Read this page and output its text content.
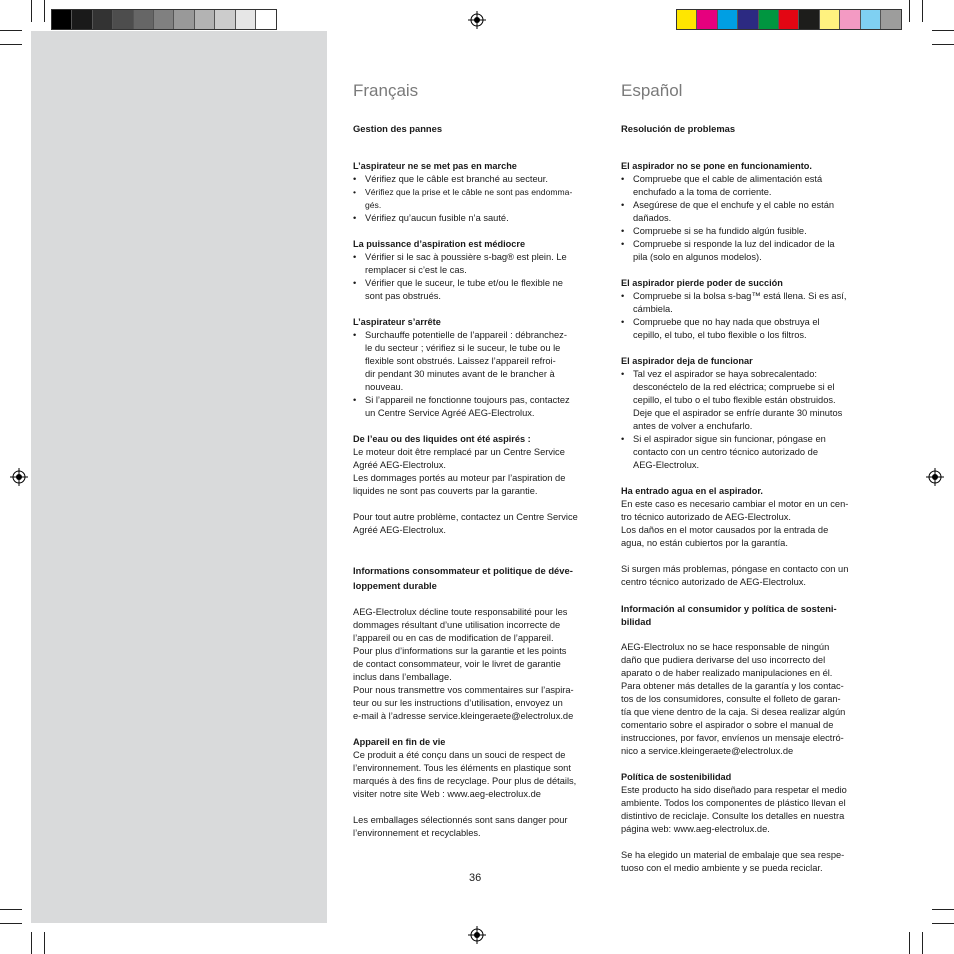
Français

Gestion des pannes

L’aspirateur ne se met pas en marche

• Vérifiez que le câble est branché au secteur.
• Vérifiez que la prise et le câble ne sont pas endomma-
gés.
• Vérifiez qu’aucun fusible n’a sauté.

La puissance d’aspiration est médiocre

• Vérifier si le sac à poussière s-bag® est plein. Le
remplacer si c’est le cas.
• Vérifier que le suceur, le tube et/ou le flexible ne
sont pas obstrués.

L’aspirateur s’arrête

• Surchauffe potentielle de l’appareil : débranchez-
le du secteur ; vérifiez si le suceur, le tube ou le
flexible sont obstrués. Laissez l’appareil refroi-
dir pendant 30 minutes avant de le brancher à
nouveau.
• Si l’appareil ne fonctionne toujours pas, contactez
un Centre Service Agréé AEG-Electrolux.

De l’eau ou des liquides ont été aspirés :

Le moteur doit être remplacé par un Centre Service
Agréé AEG-Electrolux.
Les dommages portés au moteur par l’aspiration de
liquides ne sont pas couverts par la garantie.

Pour tout autre problème, contactez un Centre Service
Agréé AEG-Electrolux.

Informations consommateur et politique de déve-
loppement durable

AEG-Electrolux décline toute responsabilité pour les
dommages résultant d’une utilisation incorrecte de
l’appareil ou en cas de modification de l’appareil.
Pour plus d’informations sur la garantie et les points
de contact consommateur, voir le livret de garantie
inclus dans l’emballage.
Pour nous transmettre vos commentaires sur l’aspira-
teur ou sur les instructions d’utilisation, envoyez un
e-mail à l’adresse service.kleingeraete@electrolux.de

Appareil en fin de vie

Ce produit a été conçu dans un souci de respect de
l’environnement. Tous les éléments en plastique sont
marqués à des fins de recyclage. Pour plus de détails,
visiter notre site Web : www.aeg-electrolux.de

Les emballages sélectionnés sont sans danger pour
l’environnement et recyclables.

Español

Resolución de problemas

El aspirador no se pone en funcionamiento.

• Compruebe que el cable de alimentación está
enchufado a la toma de corriente.
• Asegúrese de que el enchufe y el cable no están
dañados.
• Compruebe si se ha fundido algún fusible.
• Compruebe si responde la luz del indicador de la
pila (solo en algunos modelos).

El aspirador pierde poder de succión

• Compruebe si la bolsa s-bag™ está llena. Si es así,
cámbiela.
• Compruebe que no hay nada que obstruya el
cepillo, el tubo, el tubo flexible o los filtros.

El aspirador deja de funcionar

• Tal vez el aspirador se haya sobrecalentado:
desconéctelo de la red eléctrica; compruebe si el
cepillo, el tubo o el tubo flexible están obstruidos.
Deje que el aspirador se enfríe durante 30 minutos
antes de volver a enchufarlo.
• Si el aspirador sigue sin funcionar, póngase en
contacto con un centro técnico autorizado de
AEG-Electrolux.

Ha entrado agua en el aspirador.

En este caso es necesario cambiar el motor en un cen-
tro técnico autorizado de AEG-Electrolux.
Los daños en el motor causados por la entrada de
agua, no están cubiertos por la garantía.

Si surgen más problemas, póngase en contacto con un
centro técnico autorizado de AEG-Electrolux.

Información al consumidor y política de sosteni-
bilidad

AEG-Electrolux no se hace responsable de ningún
daño que pudiera derivarse del uso incorrecto del
aparato o de haber realizado manipulaciones en él.
Para obtener más detalles de la garantía y los contac-
tos de los consumidores, consulte el folleto de garan-
tía que viene dentro de la caja. Si desea realizar algún
comentario sobre el aspirador o sobre el manual de
instrucciones, por favor, envíenos un mensaje electró-
nico a service.kleingeraete@electrolux.de

Política de sostenibilidad

Este producto ha sido diseñado para respetar el medio
ambiente. Todos los componentes de plástico llevan el
distintivo de reciclaje. Consulte los detalles en nuestra
página web: www.aeg-electrolux.de.

Se ha elegido un material de embalaje que sea respe-
tuoso con el medio ambiente y se pueda reciclar.

36
